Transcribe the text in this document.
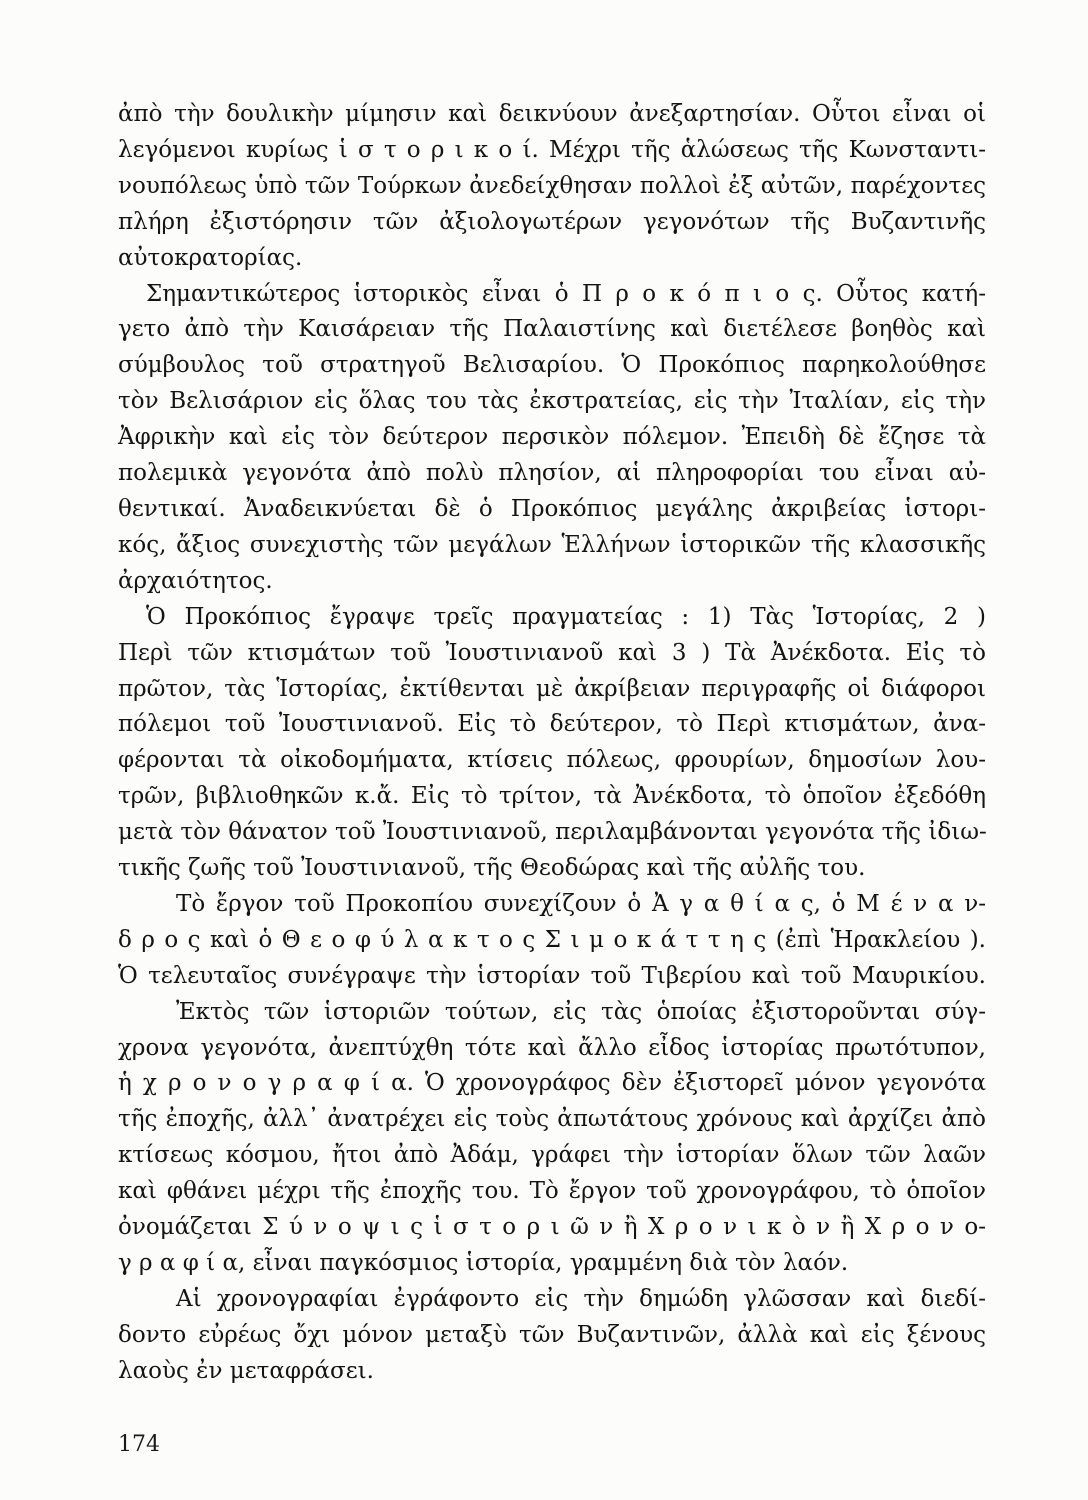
ἀπὸ τὴν δουλικὴν μίμησιν καὶ δεικνύουν ἀνεξαρτησίαν. Οὗτοι εἶναι οἱ
λεγόμενοι κυρίως ἱ σ τ ο ρ ι κ ο ί. Μέχρι τῆς ἁλώσεως τῆς Κωνσταντι-
νουπόλεως ὑπὸ τῶν Τούρκων ἀνεδείχθησαν πολλοὶ ἐξ αὐτῶν, παρέχοντες
πλήρη ἐξιστόρησιν τῶν ἀξιολογωτέρων γεγονότων τῆς Βυζαντινῆς
αὐτοκρατορίας.
Σημαντικώτερος ἱστορικὸς εἶναι ὁ Π ρ ο κ ό π ι ο ς. Οὗτος κατή-
γετο ἀπὸ τὴν Καισάρειαν τῆς Παλαιστίνης καὶ διετέλεσε βοηθὸς καὶ
σύμβουλος τοῦ στρατηγοῦ Βελισαρίου. Ὁ Προκόπιος παρηκολούθησε
τὸν Βελισάριον εἰς ὅλας του τὰς ἐκστρατείας, εἰς τὴν Ἰταλίαν, εἰς τὴν
Ἀφρικὴν καὶ εἰς τὸν δεύτερον περσικὸν πόλεμον. Ἐπειδὴ δὲ ἔζησε τὰ
πολεμικὰ γεγονότα ἀπὸ πολὺ πλησίον, αἱ πληροφορίαι του εἶναι αὐ-
θεντικαί. Ἀναδεικνύεται δὲ ὁ Προκόπιος μεγάλης ἀκριβείας ἱστορι-
κός, ἄξιος συνεχιστὴς τῶν μεγάλων Ἑλλήνων ἱστορικῶν τῆς κλασσικῆς
ἀρχαιότητος.
Ὁ Προκόπιος ἔγραψε τρεῖς πραγματείας : 1) Τὰς Ἱστορίας, 2 )
Περὶ τῶν κτισμάτων τοῦ Ἰουστινιανοῦ καὶ 3 ) Τὰ Ἀνέκδοτα. Εἰς τὸ
πρῶτον, τὰς Ἱστορίας, ἐκτίθενται μὲ ἀκρίβειαν περιγραφῆς οἱ διάφοροι
πόλεμοι τοῦ Ἰουστινιανοῦ. Εἰς τὸ δεύτερον, τὸ Περὶ κτισμάτων, ἀνα-
φέρονται τὰ οἰκοδομήματα, κτίσεις πόλεως, φρουρίων, δημοσίων λου-
τρῶν, βιβλιοθηκῶν κ.ἄ. Εἰς τὸ τρίτον, τὰ Ἀνέκδοτα, τὸ ὁποῖον ἐξεδόθη
μετὰ τὸν θάνατον τοῦ Ἰουστινιανοῦ, περιλαμβάνονται γεγονότα τῆς ἰδιω-
τικῆς ζωῆς τοῦ Ἰουστινιανοῦ, τῆς Θεοδώρας καὶ τῆς αὐλῆς του.
Τὸ ἔργον τοῦ Προκοπίου συνεχίζουν ὁ Ἀ γ α θ ί α ς, ὁ Μ έ ν α ν-
δ ρ ο ς καὶ ὁ Θ ε ο φ ύ λ α κ τ ο ς Σ ι μ ο κ ά τ τ η ς (ἐπὶ Ἡρακλείου ).
Ὁ τελευταῖος συνέγραψε τὴν ἱστορίαν τοῦ Τιβερίου καὶ τοῦ Μαυρικίου.
Ἐκτὸς τῶν ἱστοριῶν τούτων, εἰς τὰς ὁποίας ἐξιστοροῦνται σύγ-
χρονα γεγονότα, ἀνεπτύχθη τότε καὶ ἄλλο εἶδος ἱστορίας πρωτότυπον,
ἡ χ ρ ο ν ο γ ρ α φ ί α. Ὁ χρονογράφος δὲν ἐξιστορεῖ μόνον γεγονότα
τῆς ἐποχῆς, ἀλλ᾽ ἀνατρέχει εἰς τοὺς ἀπωτάτους χρόνους καὶ ἀρχίζει ἀπὸ
κτίσεως κόσμου, ἤτοι ἀπὸ Ἀδάμ, γράφει τὴν ἱστορίαν ὅλων τῶν λαῶν
καὶ φθάνει μέχρι τῆς ἐποχῆς του. Τὸ ἔργον τοῦ χρονογράφου, τὸ ὁποῖον
ὀνομάζεται Σ ύ ν ο ψ ι ς ἱ σ τ ο ρ ι ῶ ν ἢ Χ ρ ο ν ι κ ὸ ν ἢ Χ ρ ο ν ο-
γ ρ α φ ί α, εἶναι παγκόσμιος ἱστορία, γραμμένη διὰ τὸν λαόν.
Αἱ χρονογραφίαι ἐγράφοντο εἰς τὴν δημώδη γλῶσσαν καὶ διεδί-
δοντο εὐρέως ὄχι μόνον μεταξὺ τῶν Βυζαντινῶν, ἀλλὰ καὶ εἰς ξένους
λαοὺς ἐν μεταφράσει.
174
